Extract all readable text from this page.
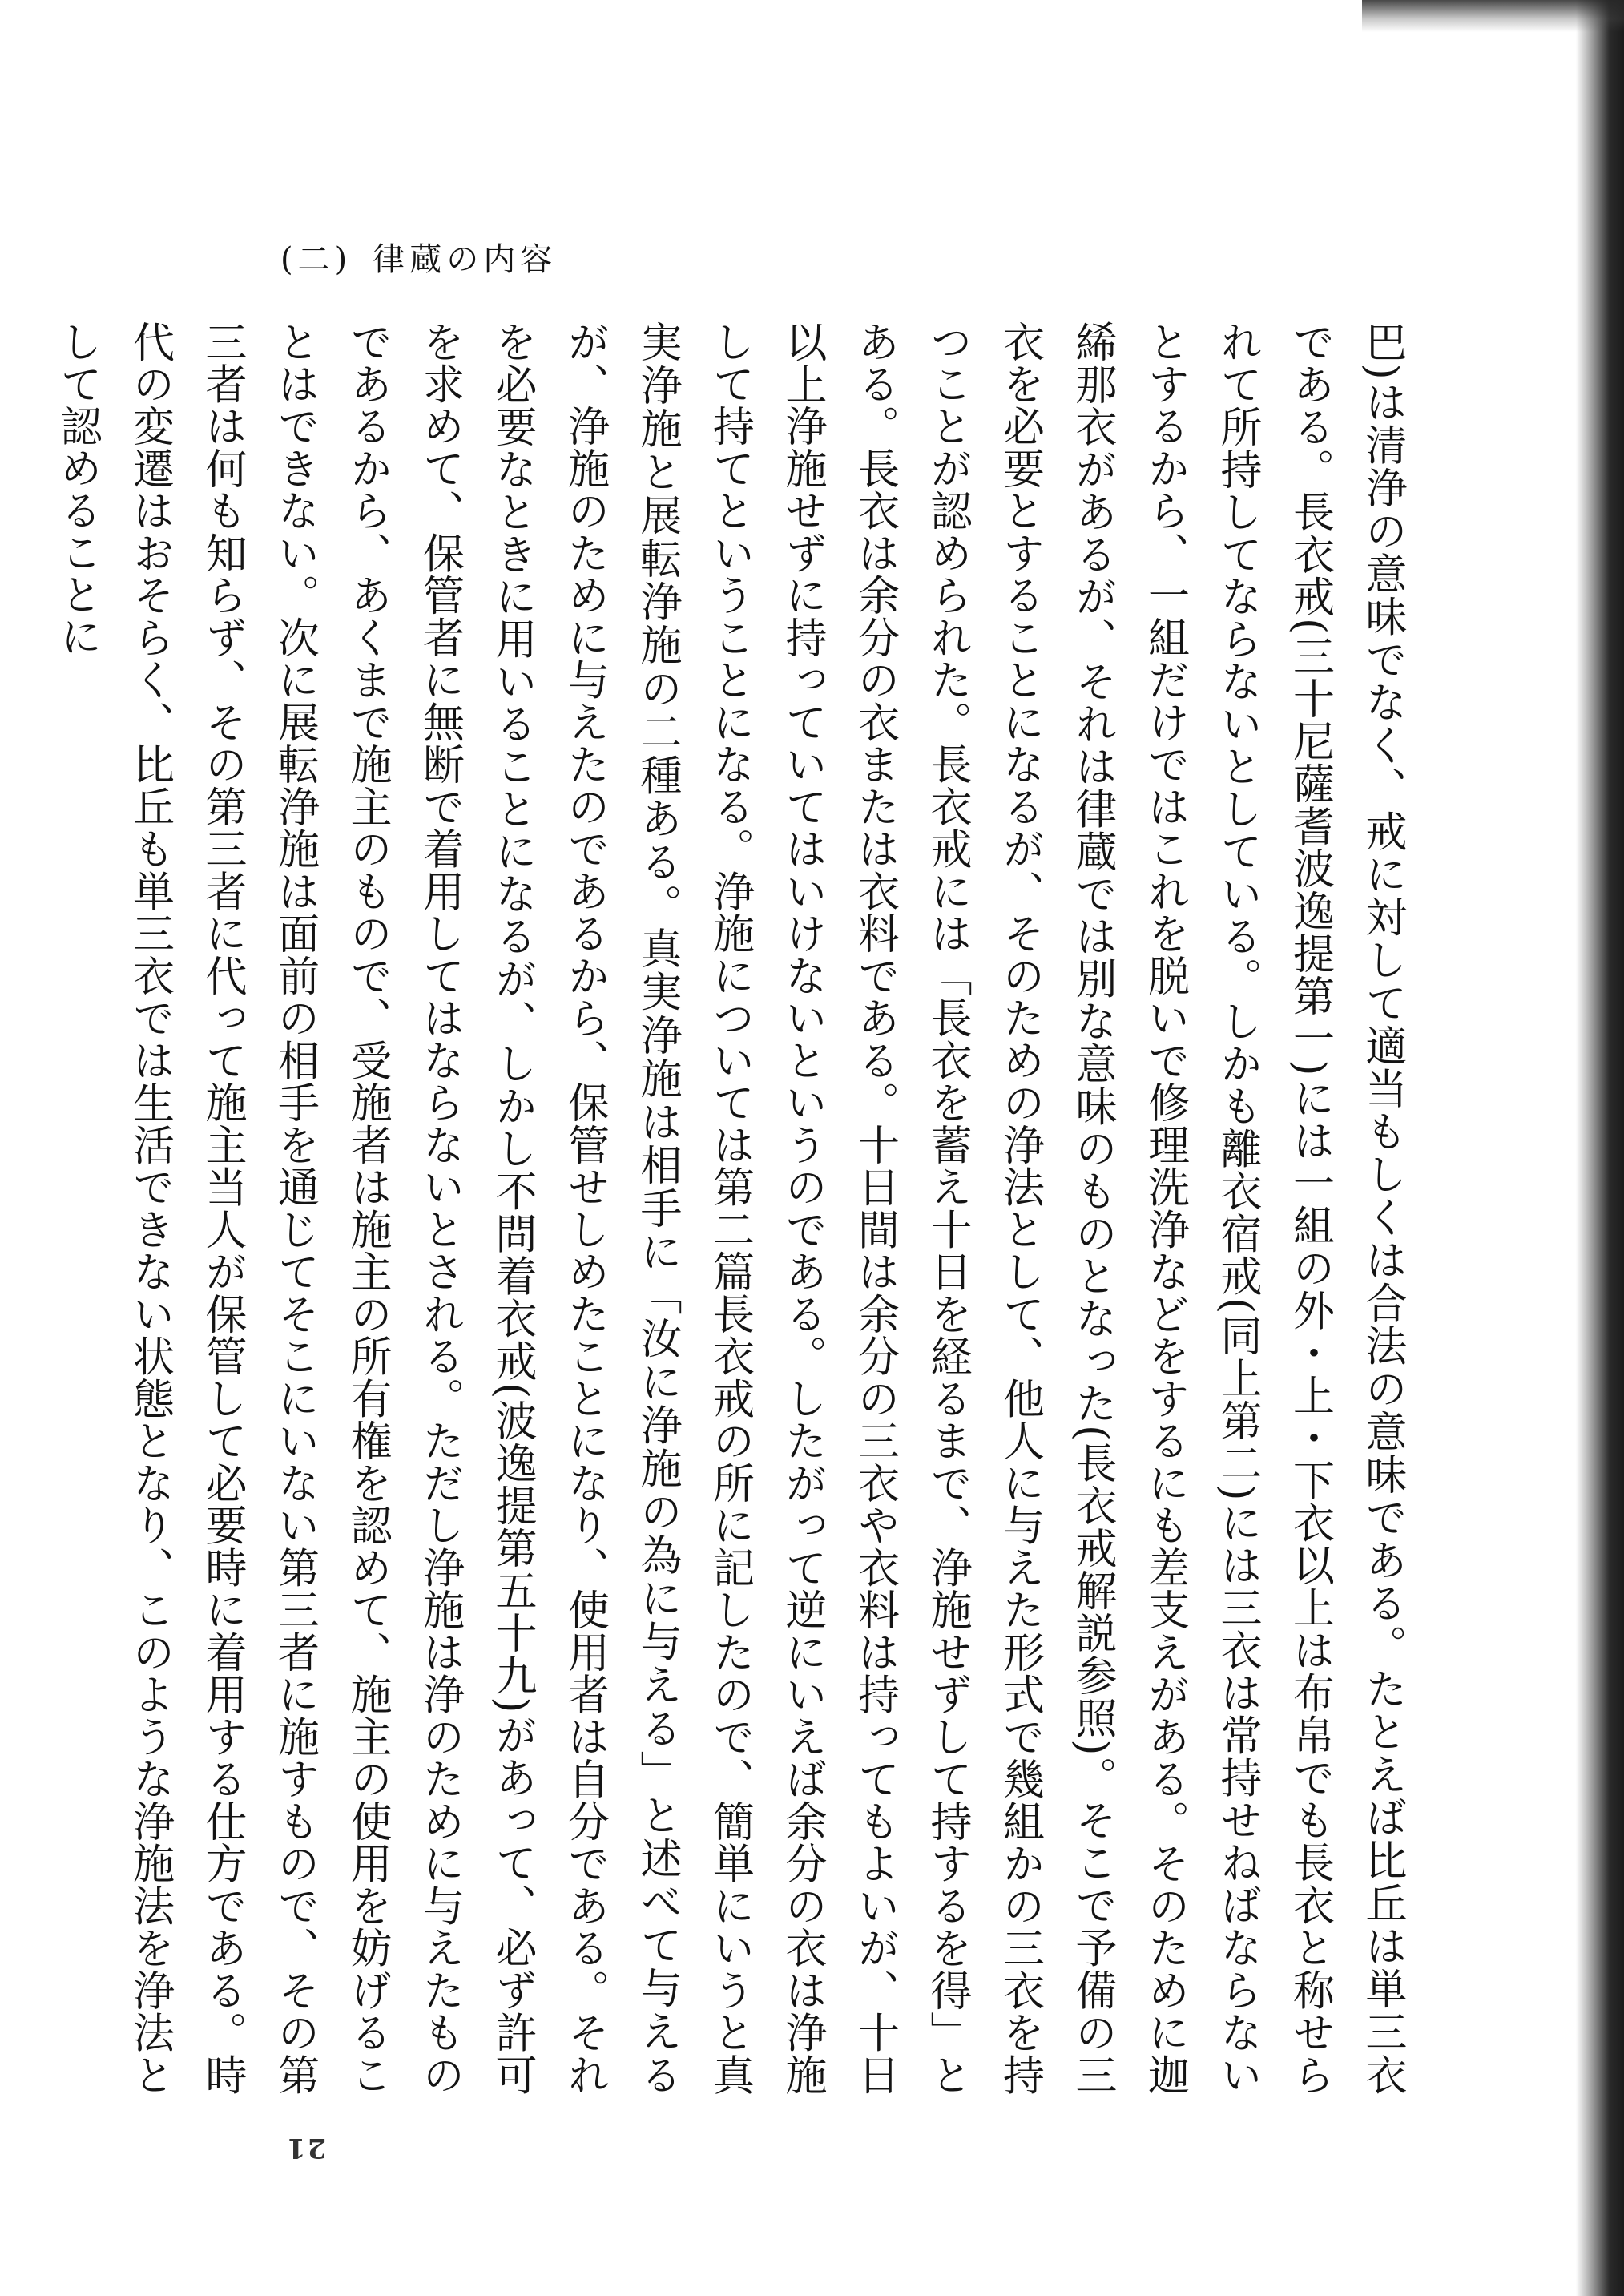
(二) 律蔵の内容
巴)は清浄の意味でなく、戒に対して適当もしくは合法の意味である。たとえば比丘は単三衣である。長衣戒(三十尼薩耆波逸提第一)には一組の外・上・下衣以上は布帛でも長衣と称せられて所持してならないとしている。しかも離衣宿戒(同上第二)には三衣は常持せねばならないとするから、一組だけではこれを脱いで修理洗浄などをするにも差支えがある。そのために迦絺那衣があるが、それは律蔵では別な意味のものとなった(長衣戒解説参照)。そこで予備の三衣を必要とすることになるが、そのための浄法として、他人に与えた形式で幾組かの三衣を持つことが認められた。長衣戒には「長衣を蓄え十日を経るまで、浄施せずして持するを得」とある。長衣は余分の衣または衣料である。十日間は余分の三衣や衣料は持ってもよいが、十日以上浄施せずに持っていてはいけないというのである。したがって逆にいえば余分の衣は浄施して持てということになる。浄施については第二篇長衣戒の所に記したので、簡単にいうと真実浄施と展転浄施の二種ある。真実浄施は相手に「汝に浄施の為に与える」と述べて与えるが、浄施のために与えたのであるから、保管せしめたことになり、使用者は自分である。それを必要なときに用いることになるが、しかし不問着衣戒(波逸提第五十九)があって、必ず許可を求めて、保管者に無断で着用してはならないとされる。ただし浄施は浄のために与えたものであるから、あくまで施主のもので、受施者は施主の所有権を認めて、施主の使用を妨げることはできない。次に展転浄施は面前の相手を通じてそこにいない第三者に施すもので、その第三者は何も知らず、その第三者に代って施主当人が保管して必要時に着用する仕方である。時代の変遷はおそらく、比丘も単三衣では生活できない状態となり、このような浄施法を浄法として認めることに
21
